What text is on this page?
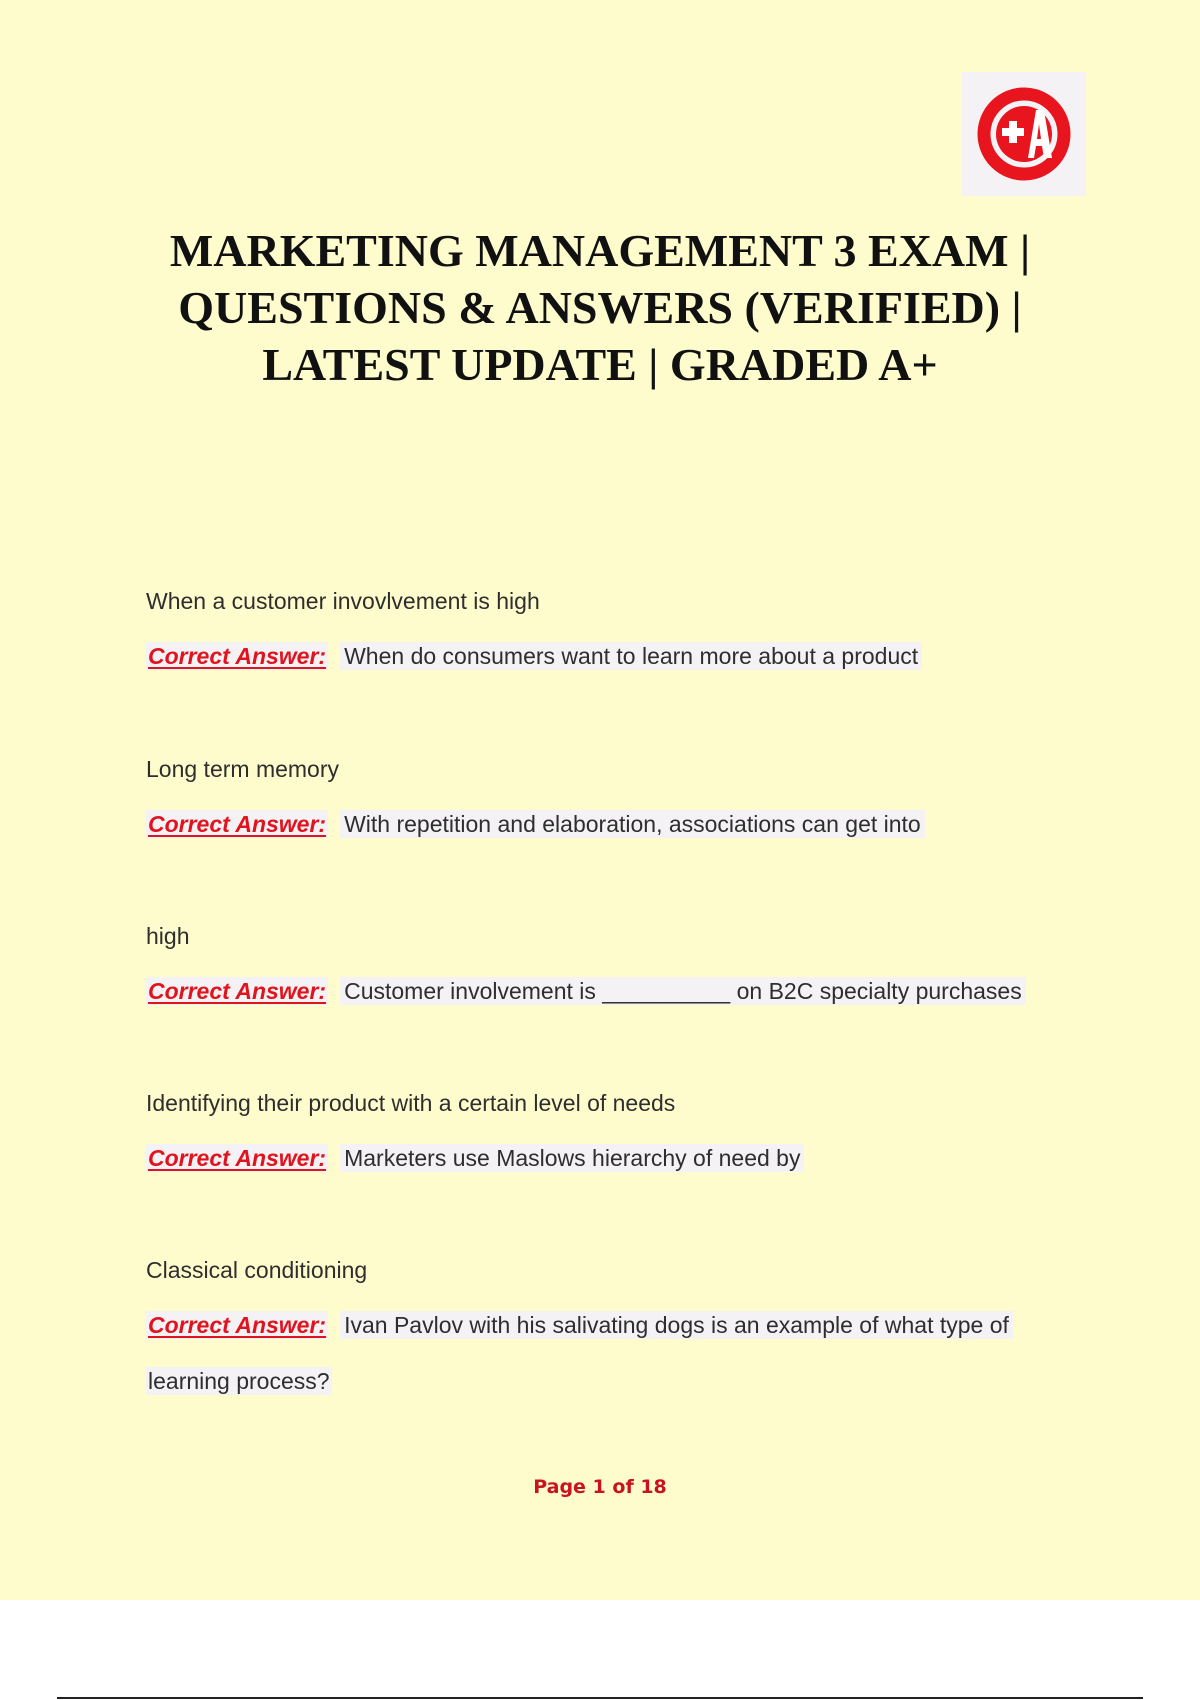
MARKETING MANAGEMENT 3 EXAM |
QUESTIONS & ANSWERS (VERIFIED) |
LATEST UPDATE | GRADED A+
When a customer invovlvement is high
Correct Answer: When do consumers want to learn more about a product
Long term memory
Correct Answer: With repetition and elaboration, associations can get into
high
Correct Answer: Customer involvement is __________ on B2C specialty purchases
Identifying their product with a certain level of needs
Correct Answer: Marketers use Maslows hierarchy of need by
Classical conditioning
Correct Answer: Ivan Pavlov with his salivating dogs is an example of what type of
learning process?
Page 1 of 18
